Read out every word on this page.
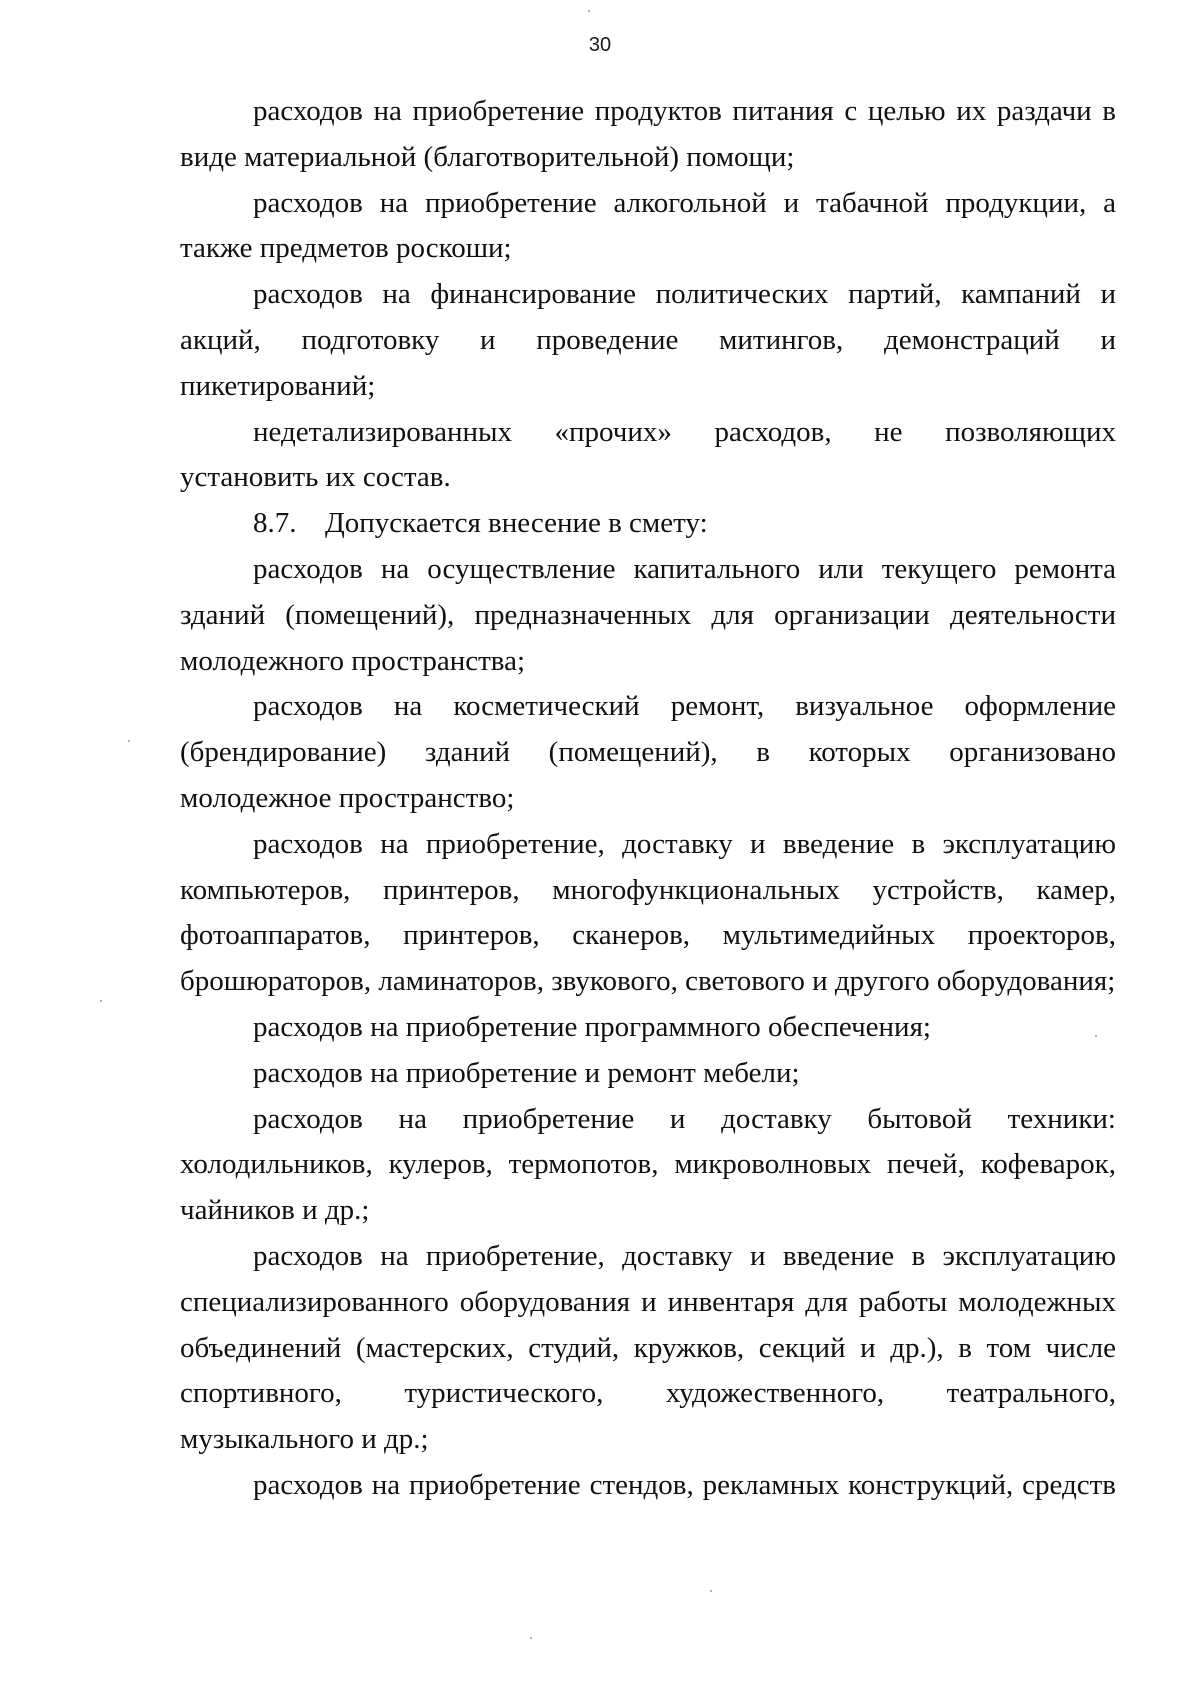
30

расходов на приобретение продуктов питания с целью их раздачи в виде материальной (благотворительной) помощи;

расходов на приобретение алкогольной и табачной продукции, а также предметов роскоши;

расходов на финансирование политических партий, кампаний и акций, подготовку и проведение митингов, демонстраций и пикетирований;

недетализированных «прочих» расходов, не позволяющих установить их состав.

8.7. Допускается внесение в смету:

расходов на осуществление капитального или текущего ремонта зданий (помещений), предназначенных для организации деятельности молодежного пространства;

расходов на косметический ремонт, визуальное оформление (брендирование) зданий (помещений), в которых организовано молодежное пространство;

расходов на приобретение, доставку и введение в эксплуатацию компьютеров, принтеров, многофункциональных устройств, камер, фотоаппаратов, принтеров, сканеров, мультимедийных проекторов, брошюраторов, ламинаторов, звукового, светового и другого оборудования;

расходов на приобретение программного обеспечения;

расходов на приобретение и ремонт мебели;

расходов на приобретение и доставку бытовой техники: холодильников, кулеров, термопотов, микроволновых печей, кофеварок, чайников и др.;

расходов на приобретение, доставку и введение в эксплуатацию специализированного оборудования и инвентаря для работы молодежных объединений (мастерских, студий, кружков, секций и др.), в том числе спортивного, туристического, художественного, театрального, музыкального и др.;

расходов на приобретение стендов, рекламных конструкций, средств
